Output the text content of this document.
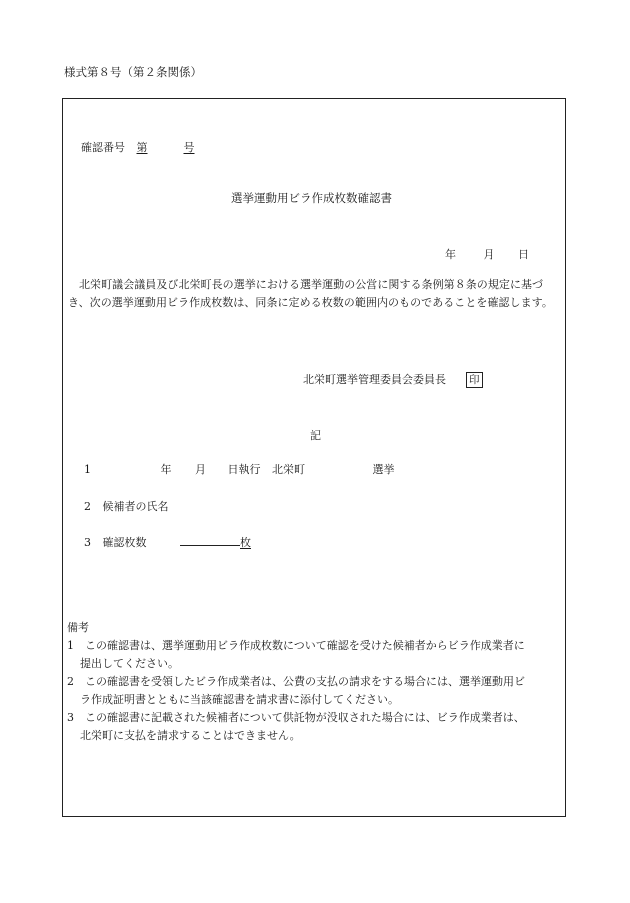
様式第８号（第２条関係）
確認番号 第	号
選挙運動用ビラ作成枚数確認書
年	月 日
北栄町議会議員及び北栄町長の選挙における選挙運動の公営に関する条例第８条の規定に基づき、次の選挙運動用ビラ作成枚数は、同条に定める枚数の範囲内のものであることを確認します。
北栄町選挙管理委員会委員長 印
記
1	年 月 日執行 北栄町	選挙
2 候補者の氏名
3 確認枚数	枚
備考
1　この確認書は、選挙運動用ビラ作成枚数について確認を受けた候補者からビラ作成業者に
提出してください。
2　この確認書を受領したビラ作成業者は、公費の支払の請求をする場合には、選挙運動用ビ
ラ作成証明書とともに当該確認書を請求書に添付してください。
3　この確認書に記載された候補者について供託物が没収された場合には、ビラ作成業者は、
北栄町に支払を請求することはできません。
